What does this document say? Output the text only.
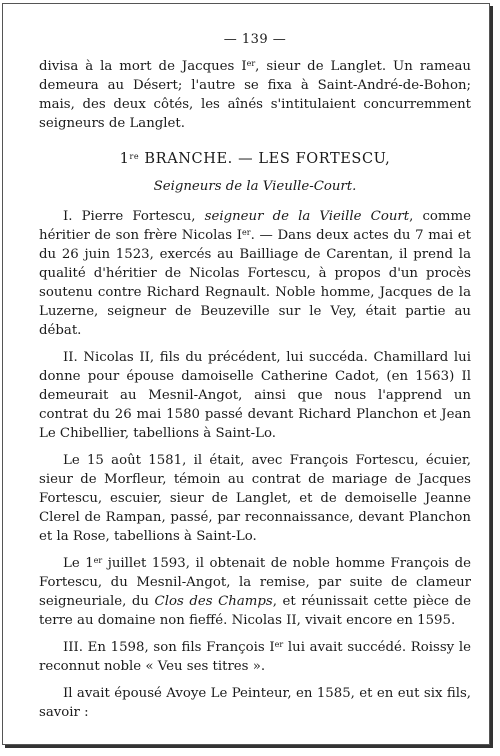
— 139 —

divisa à la mort de Jacques Ier, sieur de Langlet. Un rameau demeura au Désert; l'autre se fixa à Saint-André-de-Bohon; mais, des deux côtés, les aînés s'intitulaient concurremment seigneurs de Langlet.

1re BRANCHE. — LES FORTESCU,
Seigneurs de la Vieulle-Court.

I. Pierre Fortescu, seigneur de la Vieille Court, comme héritier de son frère Nicolas Ier. — Dans deux actes du 7 mai et du 26 juin 1523, exercés au Bailliage de Carentan, il prend la qualité d'héritier de Nicolas Fortescu, à propos d'un procès soutenu contre Richard Regnault. Noble homme, Jacques de la Luzerne, seigneur de Beuzeville sur le Vey, était partie au débat.

II. Nicolas II, fils du précédent, lui succéda. Chamillard lui donne pour épouse damoiselle Catherine Cadot, (en 1563) Il demeurait au Mesnil-Angot, ainsi que nous l'apprend un contrat du 26 mai 1580 passé devant Richard Planchon et Jean Le Chibellier, tabellions à Saint-Lo.

Le 15 août 1581, il était, avec François Fortescu, écuier, sieur de Morfleur, témoin au contrat de mariage de Jacques Fortescu, escuier, sieur de Langlet, et de demoiselle Jeanne Clerel de Rampan, passé, par reconnaissance, devant Planchon et la Rose, tabellions à Saint-Lo.

Le 1er juillet 1593, il obtenait de noble homme François de Fortescu, du Mesnil-Angot, la remise, par suite de clameur seigneuriale, du Clos des Champs, et réunissait cette pièce de terre au domaine non fieffé. Nicolas II, vivait encore en 1595.

III. En 1598, son fils François Ier lui avait succédé. Roissy le reconnut noble « Veu ses titres ».

Il avait épousé Avoye Le Peinteur, en 1585, et en eut six fils, savoir :
